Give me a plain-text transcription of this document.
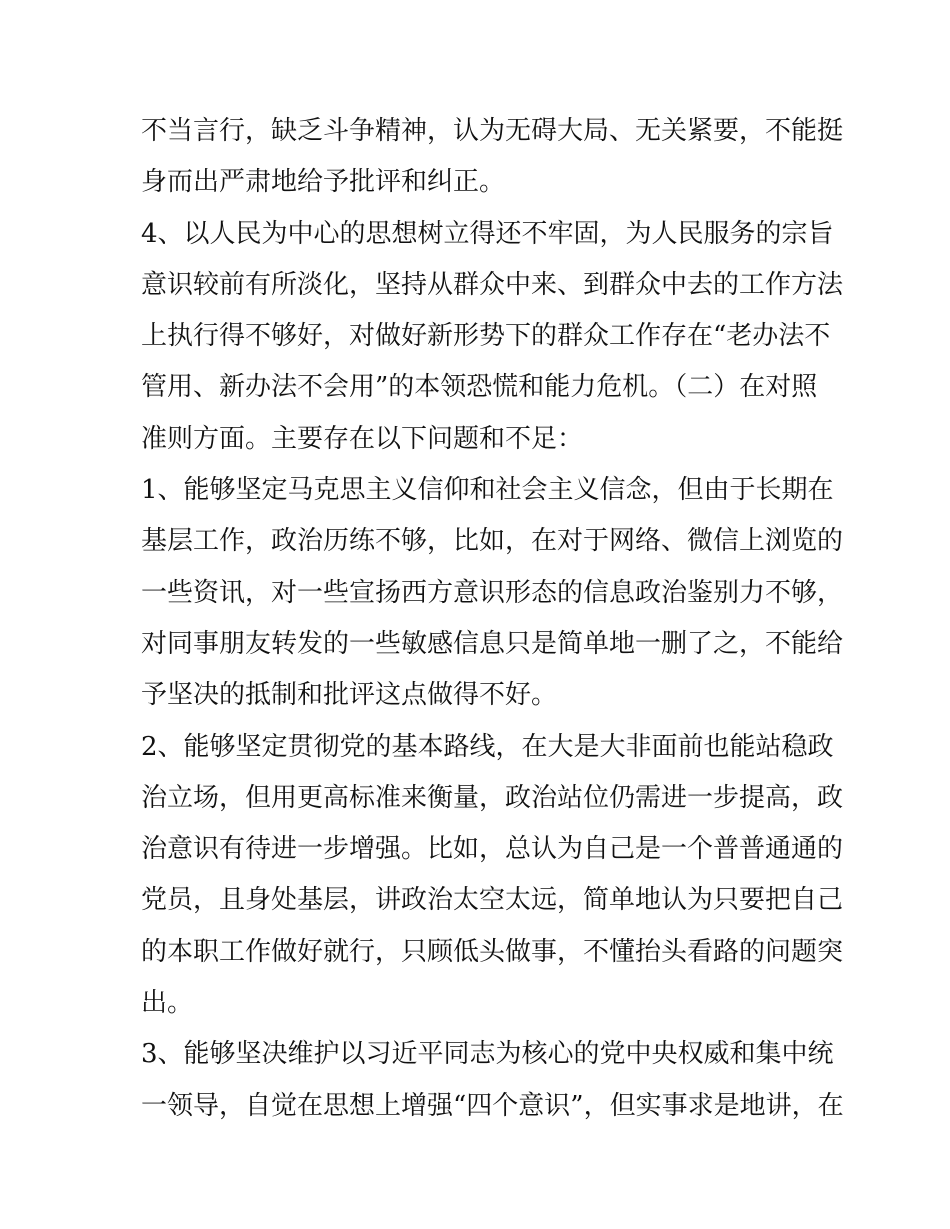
不当言行，缺乏斗争精神，认为无碍大局、无关紧要，不能挺
身而出严肃地给予批评和纠正。
4、以人民为中心的思想树立得还不牢固，为人民服务的宗旨
意识较前有所淡化，坚持从群众中来、到群众中去的工作方法
上执行得不够好，对做好新形势下的群众工作存在“老办法不
管用、新办法不会用”的本领恐慌和能力危机。（二）在对照
准则方面。主要存在以下问题和不足：
1、能够坚定马克思主义信仰和社会主义信念，但由于长期在
基层工作，政治历练不够，比如，在对于网络、微信上浏览的
一些资讯，对一些宣扬西方意识形态的信息政治鉴别力不够，
对同事朋友转发的一些敏感信息只是简单地一删了之，不能给
予坚决的抵制和批评这点做得不好。
2、能够坚定贯彻党的基本路线，在大是大非面前也能站稳政
治立场，但用更高标准来衡量，政治站位仍需进一步提高，政
治意识有待进一步增强。比如，总认为自己是一个普普通通的
党员，且身处基层，讲政治太空太远，简单地认为只要把自己
的本职工作做好就行，只顾低头做事，不懂抬头看路的问题突
出。
3、能够坚决维护以习近平同志为核心的党中央权威和集中统
一领导，自觉在思想上增强“四个意识”，但实事求是地讲，在
